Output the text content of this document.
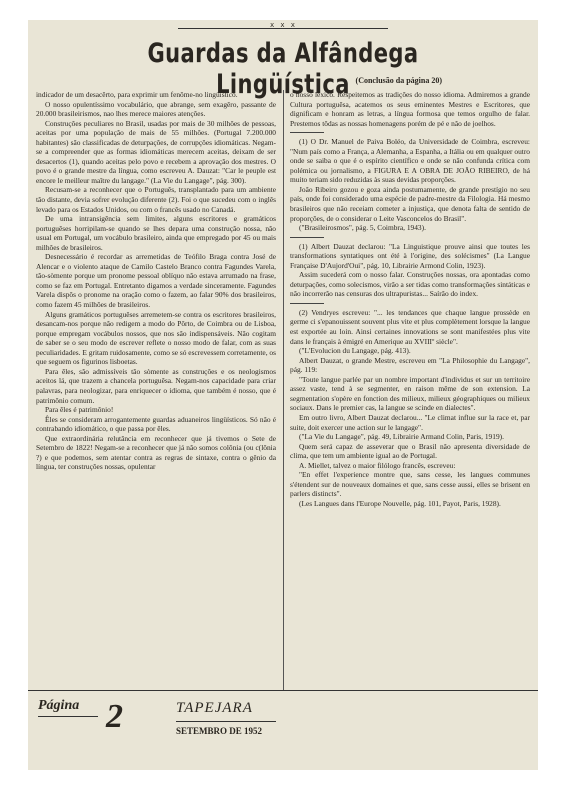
x x x
Guardas da Alfândega Lingüística (Conclusão da página 20)

indicador de um desacêrto, para exprimir um fenôme-no lingüístico.

O nosso opulentíssimo vocabulário, que abrange, sem exagêro, passante de 20.000 brasileirismos, nao lhes merece maiores atenções.

Construções peculiares no Brasil, usadas por mais de 30 milhões de pessoas, aceitas por uma população de mais de 55 milhões. (Portugal 7.200.000 habitantes) são classificadas de deturpações, de corrupções idiomáticas. Negam-se a compreender que as formas idiomáticas merecem aceitas, deixam de ser desacertos (1), quando aceitas pelo povo e recebem a aprovação dos mestres. O povo é o grande mestre da língua, como escreveu A. Dauzat: "Car le peuple est encore le meilleur maître du langage." (La Vie du Langage", pág. 300).

Recusam-se a reconhecer que o Português, transplantado para um ambiente tão distante, devia sofrer evolução diferente (2). Foi o que sucedeu com o inglês levado para os Estados Unidos, ou com o francês usado no Canadá.

De uma intransigência sem limites, alguns escritores e gramáticos portuguêses horripilam-se quando se lhes depara uma construção nossa, não usual em Portugal, um vocábulo brasileiro, ainda que empregado por 45 ou mais milhões de brasileiros.

Desnecessário é recordar as arremetidas de Teófilo Braga contra José de Alencar e o violento ataque de Camilo Castelo Branco contra Fagundes Varela, tão-sòmente porque um pronome pessoal oblíquo não estava arrumado na frase, como se faz em Portugal. Entretanto digamos a verdade sinceramente. Fagundes Varela dispôs o pronome na oração como o fazem, ao falar 90% dos brasileiros, como fazem 45 milhões de brasileiros.

Alguns gramáticos portuguêses arremetem-se contra os escritores brasileiros, desancam-nos porque não redigem a modo do Pôrto, de Coimbra ou de Lisboa, porque empregam vocábulos nossos, que nos são indispensáveis. Não cogitam de saber se o seu modo de escrever reflete o nosso modo de falar, com as suas peculiaridades. E gritam ruidosamente, como se só escrevessem corretamente, os que seguem os figurinos lisboetas.

Para êles, são admissíveis tão sòmente as construções e os neologismos aceitos lá, que trazem a chancela portuguêsa. Negam-nos capacidade para criar palavras, para neologizar, para enriquecer o idioma, que também é nosso, que é patrimônio comum.

Para êles é patrimônio!

Êles se consideram arrogantemente guardas aduaneiros lingüísticos. Só não é contrabando idiomático, o que passa por êles.

Que extraordinária relutância em reconhecer que já tivemos o Sete de Setembro de 1822! Negam-se a reconhecer que já não somos colônia (ou c(lônia ?) e que podemos, sem atentar contra as regras de sintaxe, contra o gênio da língua, ter construções nossas, opulentar

o nosso léxico. Respeitemos as tradições do nosso idioma. Admiremos a grande Cultura portuguêsa, acatemos os seus eminentes Mestres e Escritores, que dignificam e honram as letras, a língua formosa que temos orgulho de falar. Prestemos tôdas as nossas homenagens porém de pé e não de joelhos.

(1) O Dr. Manuel de Paiva Boléo, da Universidade de Coimbra, escreveu: "Num país como a França, a Alemanha, a Espanha, a Itália ou em qualquer outro onde se saiba o que é o espírito científico e onde se não confunda crítica com polémica ou jornalismo, a FIGURA E A OBRA DE JOÃO RIBEIRO, de há muito teriam sido reduzidas às suas devidas proporções.

João Ribeiro gozou e goza ainda postumamente, de grande prestígio no seu país, onde foi considerado uma espécie de padre-mestre da Filologia. Há mesmo brasileiros que não receiam cometer a injustiça, que denota falta de sentido de proporções, de o considerar o Leite Vasconcelos do Brasil".

("Brasileirosmos", pág. 5, Coimbra, 1943).

(1) Albert Dauzat declarou: "La Linguistique prouve ainsi que toutes les transformations syntatiques ont été à l'origine, des solécismes" (La Langue Française D'Aujord'Oui", pág. 10, Librairie Armond Colin, 1923).

Assim sucederá com o nosso falar. Construções nossas, ora apontadas como deturpações, como solecismos, virão a ser tidas como transformações sintáticas e não incorrerão nas censuras dos ultrapuristas... Saírão do index.

(2) Vendryes escreveu: "... les tendances que chaque langue prossède en germe ci s'epanouissent souvent plus vite et plus complètement lorsque la langue est exportée au loin. Ainsi certaines innovations se sont manifestées plus vite dans le français à émigré en Amerique au XVIIIº siècle".

("L'Evolucion du Langage, pág. 413).

Albert Dauzat, o grande Mestre, escreveu em "La Philosophie du Langage", pág. 119:

"Toute langue parlée par un nombre important d'individus et sur un territoire assez vaste, tend à se segmenter, en raison même de son extension. La segmentation s'opère en fonction des milieux, milieux géographiques ou milieux sociaux. Dans le premier cas, la langue se scinde en dialectes".

Em outro livro, Albert Dauzat declarou... "Le climat influe sur la race et, par suite, doit exercer une action sur le langage".

("La Vie du Langage", pág. 49, Librairie Armand Colin, Paris, 1919).

Quem será capaz de asseverar que o Brasil não apresenta diversidade de clima, que tem um ambiente igual ao de Portugal.

A. Miellet, talvez o maior filólogo francês, escreveu:

"En effet l'experience montre que, sans cesse, les langues communes s'étendent sur de nouveaux domaines et que, sans cesse aussi, elles se brisent en parlers distincts".

(Les Langues dans l'Europe Nouvelle, pág. 101, Payot, Paris, 1928).

Página 2	TAPEJARA
SETEMBRO DE 1952
